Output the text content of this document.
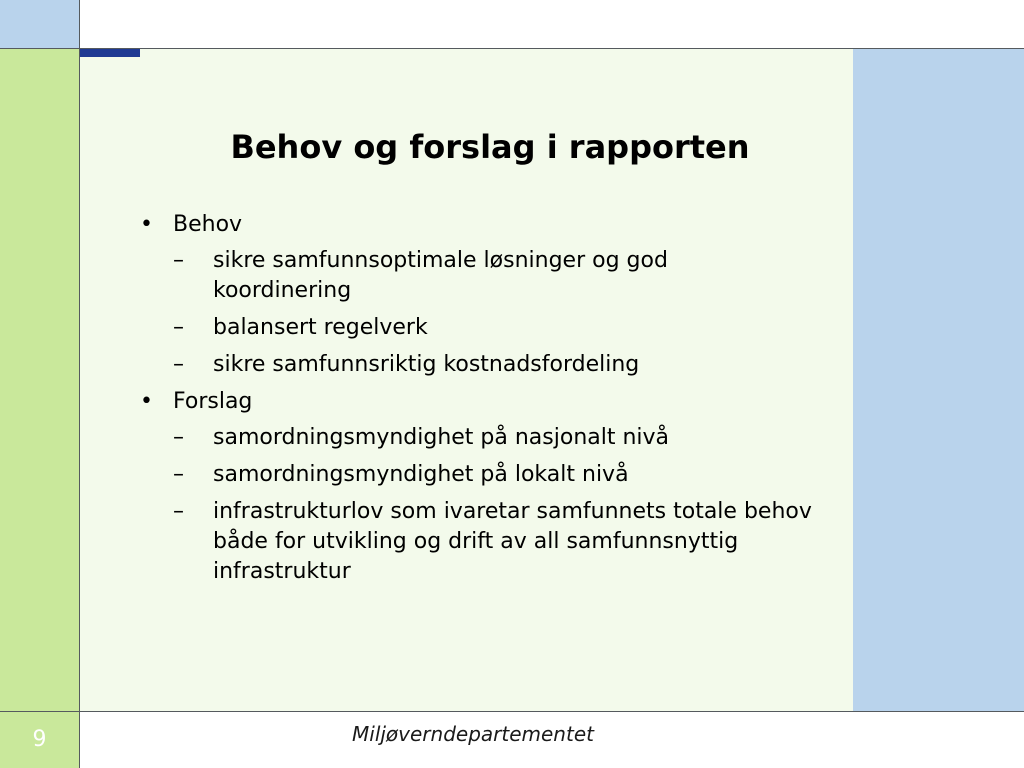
Behov og forslag i rapporten
• Behov
–	sikre samfunnsoptimale løsninger og god koordinering
–	balansert regelverk
–	sikre samfunnsriktig kostnadsfordeling
• Forslag
–	samordningsmyndighet på nasjonalt nivå
–	samordningsmyndighet på lokalt nivå
–	infrastrukturlov som ivaretar samfunnets totale behov både for utvikling og drift av all samfunnsnyttig infrastruktur
9	Miljøverndepartementet
